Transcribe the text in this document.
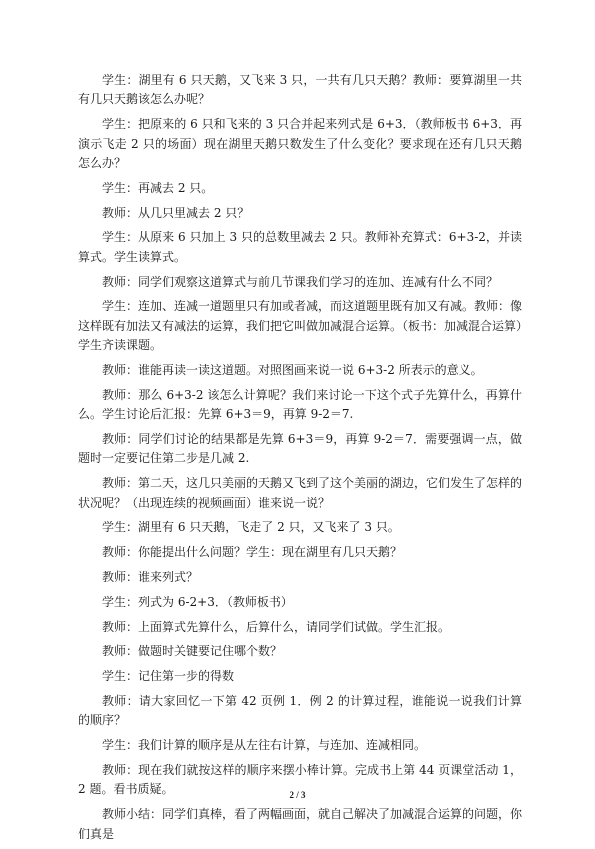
学生：湖里有 6 只天鹅，又飞来 3 只，一共有几只天鹅？教师：要算湖里一共有几只天鹅该怎么办呢？

学生：把原来的 6 只和飞来的 3 只合并起来列式是 6+3．（教师板书 6+3．再演示飞走 2 只的场面）现在湖里天鹅只数发生了什么变化？要求现在还有几只天鹅怎么办？

学生：再减去 2 只。

教师：从几只里减去 2 只？

学生：从原来 6 只加上 3 只的总数里减去 2 只。教师补充算式：6+3-2，并读算式。学生读算式。

教师：同学们观察这道算式与前几节课我们学习的连加、连减有什么不同？

学生：连加、连减一道题里只有加或者减，而这道题里既有加又有减。教师：像这样既有加法又有减法的运算，我们把它叫做加减混合运算。（板书：加减混合运算）学生齐读课题。

教师：谁能再读一读这道题。对照图画来说一说 6+3-2 所表示的意义。

教师：那么 6+3-2 该怎么计算呢？我们来讨论一下这个式子先算什么，再算什么。学生讨论后汇报：先算 6+3＝9，再算 9-2＝7.

教师：同学们讨论的结果都是先算 6+3＝9，再算 9-2＝7．需要强调一点，做题时一定要记住第二步是几减 2.

教师：第二天，这几只美丽的天鹅又飞到了这个美丽的湖边，它们发生了怎样的状况呢？（出现连续的视频画面）谁来说一说？

学生：湖里有 6 只天鹅，飞走了 2 只，又飞来了 3 只。

教师：你能提出什么问题？学生：现在湖里有几只天鹅？

教师：谁来列式？

学生：列式为 6-2+3．（教师板书）

教师：上面算式先算什么，后算什么，请同学们试做。学生汇报。

教师：做题时关键要记住哪个数？

学生：记住第一步的得数

教师：请大家回忆一下第 42 页例 1．例 2 的计算过程，谁能说一说我们计算的顺序？

学生：我们计算的顺序是从左往右计算，与连加、连减相同。

教师：现在我们就按这样的顺序来摆小棒计算。完成书上第 44 页课堂活动 1，2 题。看书质疑。

教师小结：同学们真棒，看了两幅画面，就自己解决了加减混合运算的问题，你们真是

2 / 3
